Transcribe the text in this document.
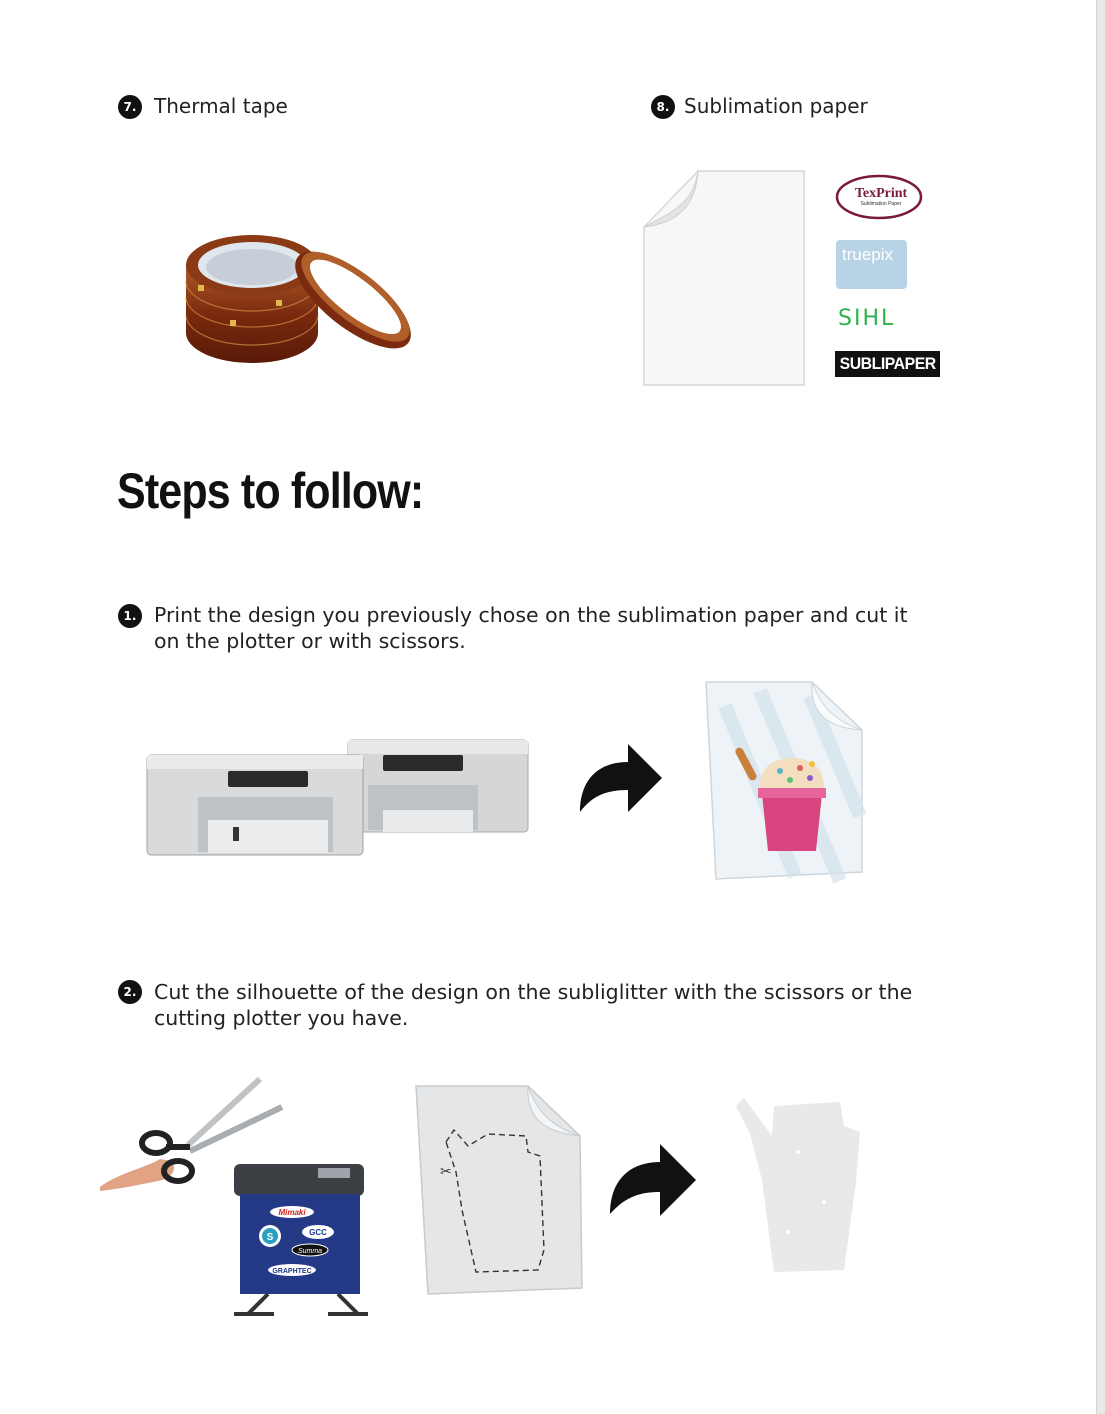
7. Thermal tape	8. Sublimation paper
TexPrint
Sublimation Paper
truepix
SIHL
SUBLIPAPER
Steps to follow:
1. Print the design you previously chose on the sublimation paper and cut it on the plotter or with scissors.
2. Cut the silhouette of the design on the subliglitter with the scissors or the cutting plotter you have.
Mimaki
GCC
S
Summa
GRAPHTEC
✂
